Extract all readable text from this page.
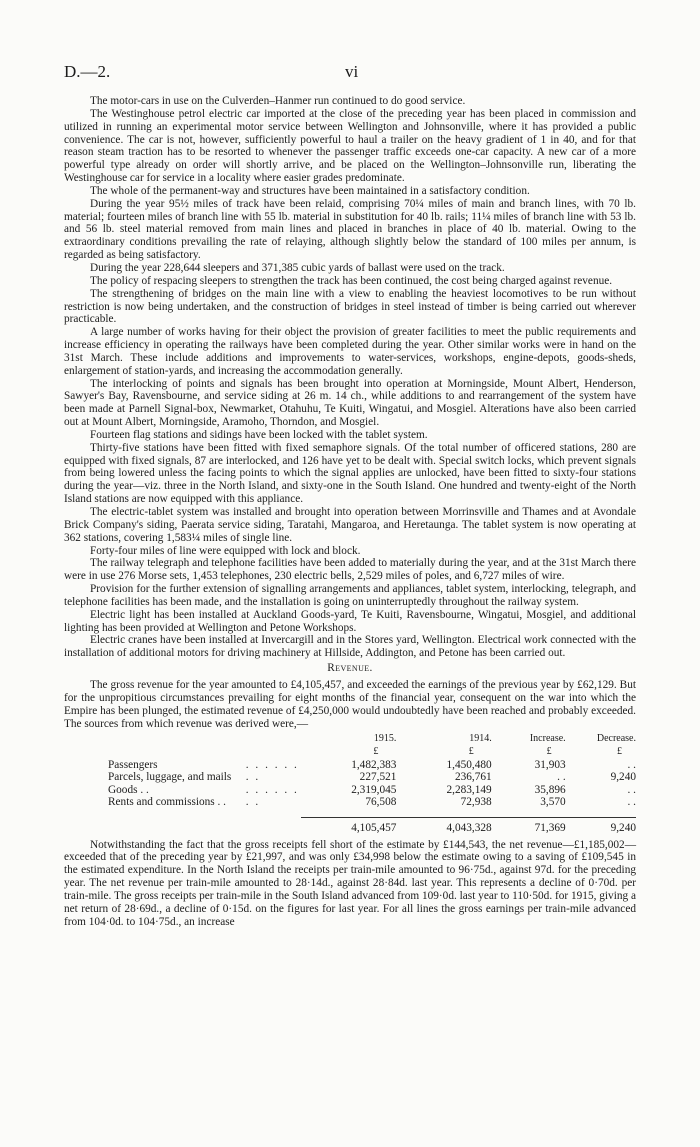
D.—2.	vi

The motor-cars in use on the Culverden–Hanmer run continued to do good service.

The Westinghouse petrol electric car imported at the close of the preceding year has been placed in commission and utilized in running an experimental motor service between Wellington and Johnsonville, where it has provided a public convenience. The car is not, however, sufficiently powerful to haul a trailer on the heavy gradient of 1 in 40, and for that reason steam traction has to be resorted to whenever the passenger traffic exceeds one-car capacity. A new car of a more powerful type already on order will shortly arrive, and be placed on the Wellington–Johnsonville run, liberating the Westinghouse car for service in a locality where easier grades predominate.

The whole of the permanent-way and structures have been maintained in a satisfactory condition.

During the year 95½ miles of track have been relaid, comprising 70¼ miles of main and branch lines, with 70 lb. material; fourteen miles of branch line with 55 lb. material in substitution for 40 lb. rails; 11¼ miles of branch line with 53 lb. and 56 lb. steel material removed from main lines and placed in branches in place of 40 lb. material. Owing to the extraordinary conditions prevailing the rate of relaying, although slightly below the standard of 100 miles per annum, is regarded as being satisfactory.

During the year 228,644 sleepers and 371,385 cubic yards of ballast were used on the track.

The policy of respacing sleepers to strengthen the track has been continued, the cost being charged against revenue.

The strengthening of bridges on the main line with a view to enabling the heaviest locomotives to be run without restriction is now being undertaken, and the construction of bridges in steel instead of timber is being carried out wherever practicable.

A large number of works having for their object the provision of greater facilities to meet the public requirements and increase efficiency in operating the railways have been completed during the year. Other similar works were in hand on the 31st March. These include additions and improvements to water-services, workshops, engine-depots, goods-sheds, enlargement of station-yards, and increasing the accommodation generally.

The interlocking of points and signals has been brought into operation at Morningside, Mount Albert, Henderson, Sawyer's Bay, Ravensbourne, and service siding at 26 m. 14 ch., while additions to and rearrangement of the system have been made at Parnell Signal-box, Newmarket, Otahuhu, Te Kuiti, Wingatui, and Mosgiel. Alterations have also been carried out at Mount Albert, Morningside, Aramoho, Thorndon, and Mosgiel.

Fourteen flag stations and sidings have been locked with the tablet system.

Thirty-five stations have been fitted with fixed semaphore signals. Of the total number of officered stations, 280 are equipped with fixed signals, 87 are interlocked, and 126 have yet to be dealt with. Special switch locks, which prevent signals from being lowered unless the facing points to which the signal applies are unlocked, have been fitted to sixty-four stations during the year—viz. three in the North Island, and sixty-one in the South Island. One hundred and twenty-eight of the North Island stations are now equipped with this appliance.

The electric-tablet system was installed and brought into operation between Morrinsville and Thames and at Avondale Brick Company's siding, Paerata service siding, Taratahi, Mangaroa, and Heretaunga. The tablet system is now operating at 362 stations, covering 1,583¼ miles of single line.

Forty-four miles of line were equipped with lock and block.

The railway telegraph and telephone facilities have been added to materially during the year, and at the 31st March there were in use 276 Morse sets, 1,453 telephones, 230 electric bells, 2,529 miles of poles, and 6,727 miles of wire.

Provision for the further extension of signalling arrangements and appliances, tablet system, interlocking, telegraph, and telephone facilities has been made, and the installation is going on uninterruptedly throughout the railway system.

Electric light has been installed at Auckland Goods-yard, Te Kuiti, Ravensbourne, Wingatui, Mosgiel, and additional lighting has been provided at Wellington and Petone Workshops.

Electric cranes have been installed at Invercargill and in the Stores yard, Wellington. Electrical work connected with the installation of additional motors for driving machinery at Hillside, Addington, and Petone has been carried out.

Revenue.

The gross revenue for the year amounted to £4,105,457, and exceeded the earnings of the previous year by £62,129. But for the unpropitious circumstances prevailing for eight months of the financial year, consequent on the war into which the Empire has been plunged, the estimated revenue of £4,250,000 would undoubtedly have been reached and probably exceeded. The sources from which revenue was derived were,—

		1915.	1914.	Increase.	Decrease.
		£	£	£	£
Passengers	. . . . . .	1,482,383	1,450,480	31,903	. .
Parcels, luggage, and mails	. .	227,521	236,761	. .	9,240
Goods . .	. . . . . .	2,319,045	2,283,149	35,896	. .
Rents and commissions . .	. .	76,508	72,938	3,570	. .

		4,105,457	4,043,328	71,369	9,240

Notwithstanding the fact that the gross receipts fell short of the estimate by £144,543, the net revenue—£1,185,002—exceeded that of the preceding year by £21,997, and was only £34,998 below the estimate owing to a saving of £109,545 in the estimated expenditure. In the North Island the receipts per train-mile amounted to 96·75d., against 97d. for the preceding year. The net revenue per train-mile amounted to 28·14d., against 28·84d. last year. This represents a decline of 0·70d. per train-mile. The gross receipts per train-mile in the South Island advanced from 109·0d. last year to 110·50d. for 1915, giving a net return of 28·69d., a decline of 0·15d. on the figures for last year. For all lines the gross earnings per train-mile advanced from 104·0d. to 104·75d., an increase
